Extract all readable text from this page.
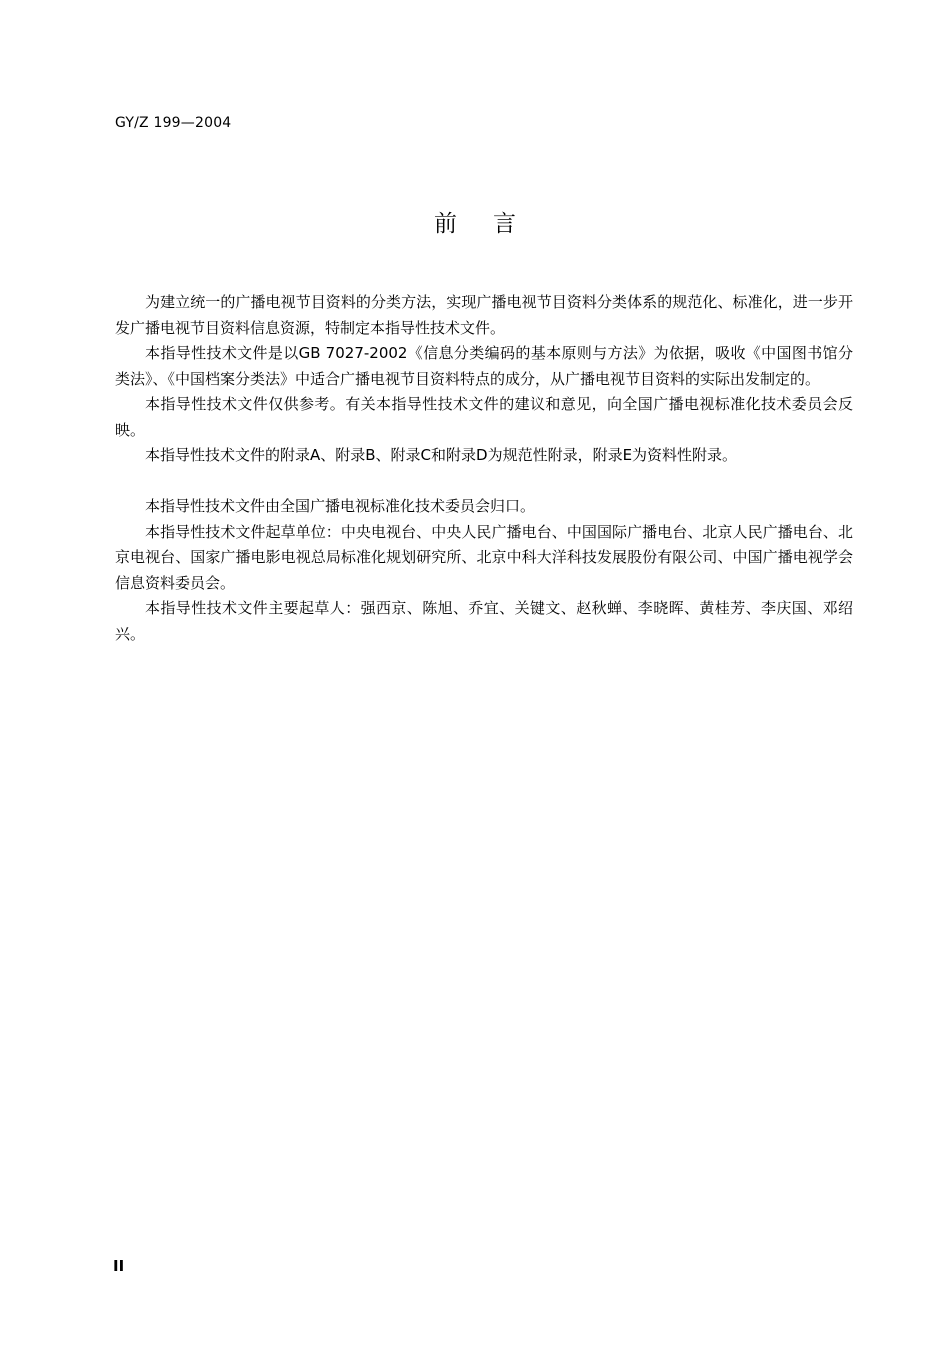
GY/Z 199—2004
前言

为建立统一的广播电视节目资料的分类方法，实现广播电视节目资料分类体系的规范化、标准化，进一步开发广播电视节目资料信息资源，特制定本指导性技术文件。

本指导性技术文件是以GB 7027-2002《信息分类编码的基本原则与方法》为依据，吸收《中国图书馆分类法》、《中国档案分类法》中适合广播电视节目资料特点的成分，从广播电视节目资料的实际出发制定的。

本指导性技术文件仅供参考。有关本指导性技术文件的建议和意见，向全国广播电视标准化技术委员会反映。

本指导性技术文件的附录A、附录B、附录C和附录D为规范性附录，附录E为资料性附录。

本指导性技术文件由全国广播电视标准化技术委员会归口。

本指导性技术文件起草单位：中央电视台、中央人民广播电台、中国国际广播电台、北京人民广播电台、北京电视台、国家广播电影电视总局标准化规划研究所、北京中科大洋科技发展股份有限公司、中国广播电视学会信息资料委员会。

本指导性技术文件主要起草人：强西京、陈旭、乔宜、关键文、赵秋蝉、李晓晖、黄桂芳、李庆国、邓绍兴。

II
